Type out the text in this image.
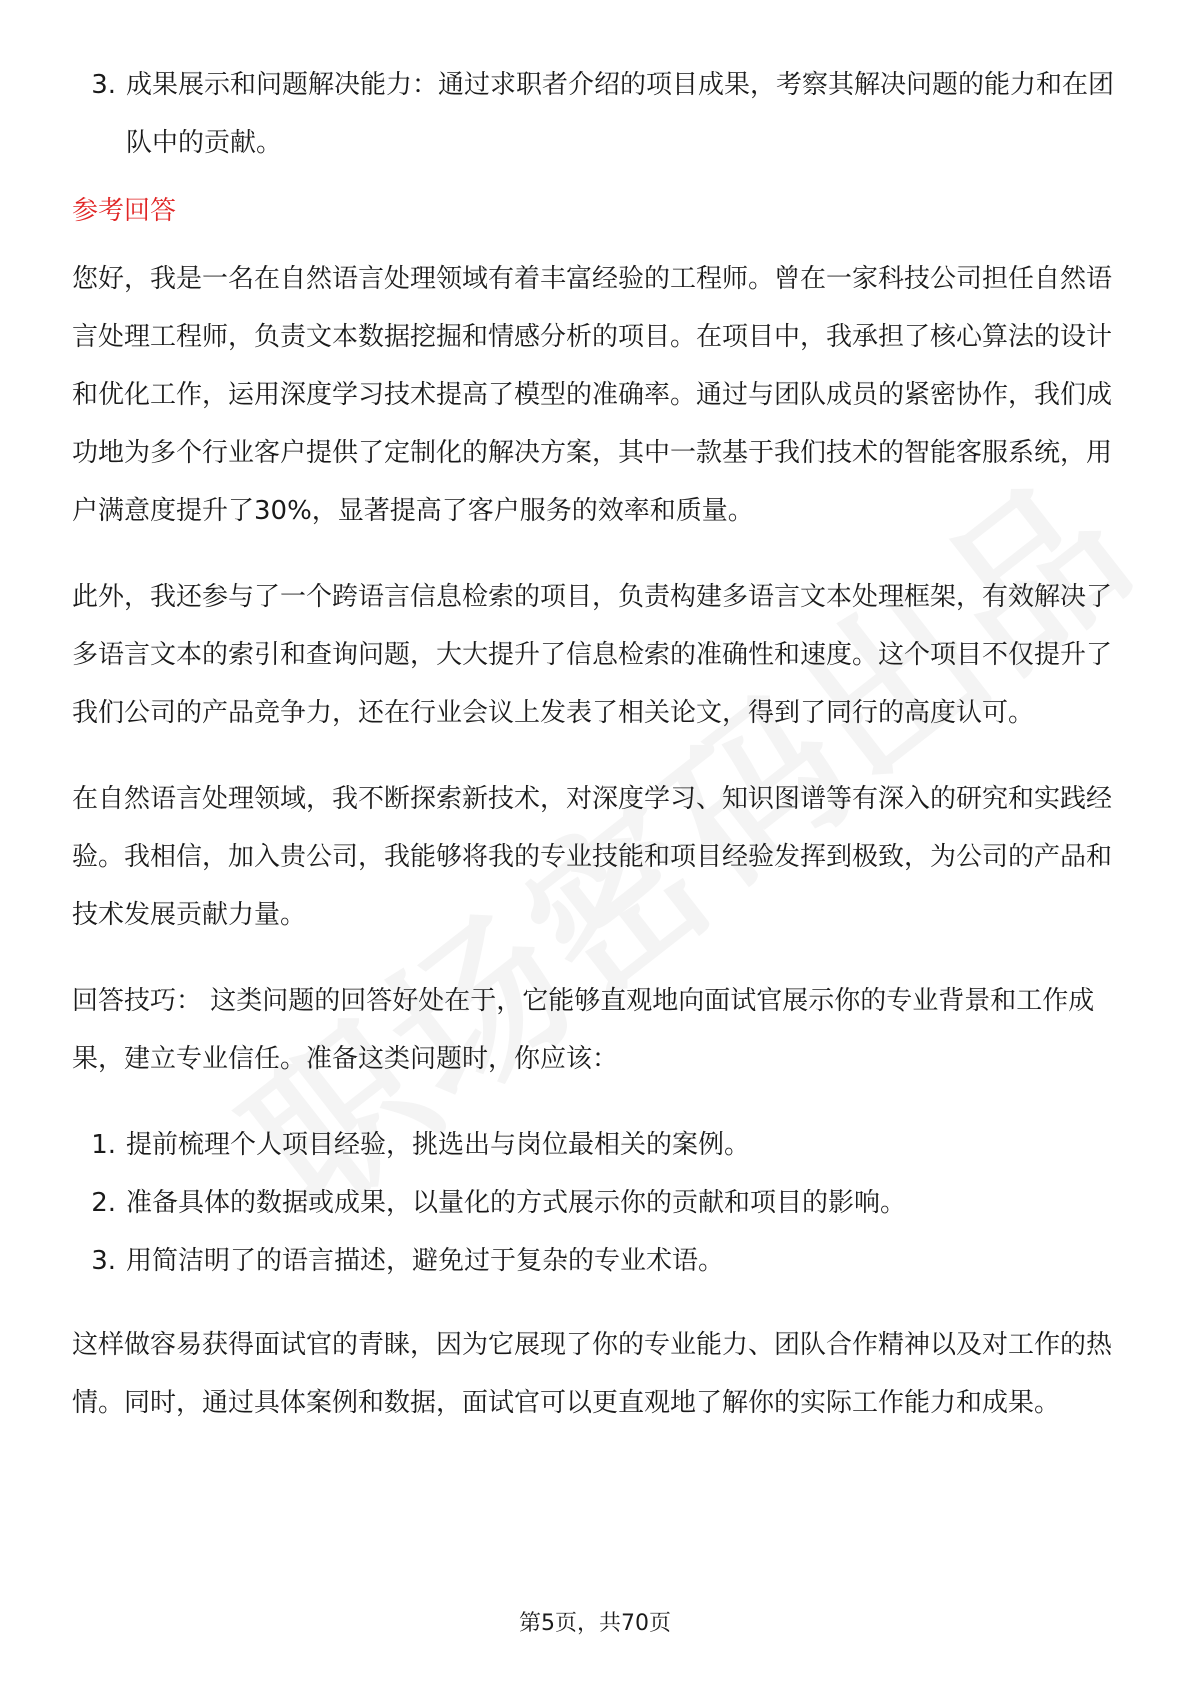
3. 成果展示和问题解决能力：通过求职者介绍的项目成果，考察其解决问题的能力和在团队中的贡献。
参考回答

您好，我是一名在自然语言处理领域有着丰富经验的工程师。曾在一家科技公司担任自然语言处理工程师，负责文本数据挖掘和情感分析的项目。在项目中，我承担了核心算法的设计和优化工作，运用深度学习技术提高了模型的准确率。通过与团队成员的紧密协作，我们成功地为多个行业客户提供了定制化的解决方案，其中一款基于我们技术的智能客服系统，用户满意度提升了30%，显著提高了客户服务的效率和质量。

此外，我还参与了一个跨语言信息检索的项目，负责构建多语言文本处理框架，有效解决了多语言文本的索引和查询问题，大大提升了信息检索的准确性和速度。这个项目不仅提升了我们公司的产品竞争力，还在行业会议上发表了相关论文，得到了同行的高度认可。

在自然语言处理领域，我不断探索新技术，对深度学习、知识图谱等有深入的研究和实践经验。我相信，加入贵公司，我能够将我的专业技能和项目经验发挥到极致，为公司的产品和技术发展贡献力量。

回答技巧： 这类问题的回答好处在于，它能够直观地向面试官展示你的专业背景和工作成果，建立专业信任。准备这类问题时，你应该：

1. 提前梳理个人项目经验，挑选出与岗位最相关的案例。
2. 准备具体的数据或成果，以量化的方式展示你的贡献和项目的影响。
3. 用简洁明了的语言描述，避免过于复杂的专业术语。

这样做容易获得面试官的青睐，因为它展现了你的专业能力、团队合作精神以及对工作的热情。同时，通过具体案例和数据，面试官可以更直观地了解你的实际工作能力和成果。

第5页，共70页
